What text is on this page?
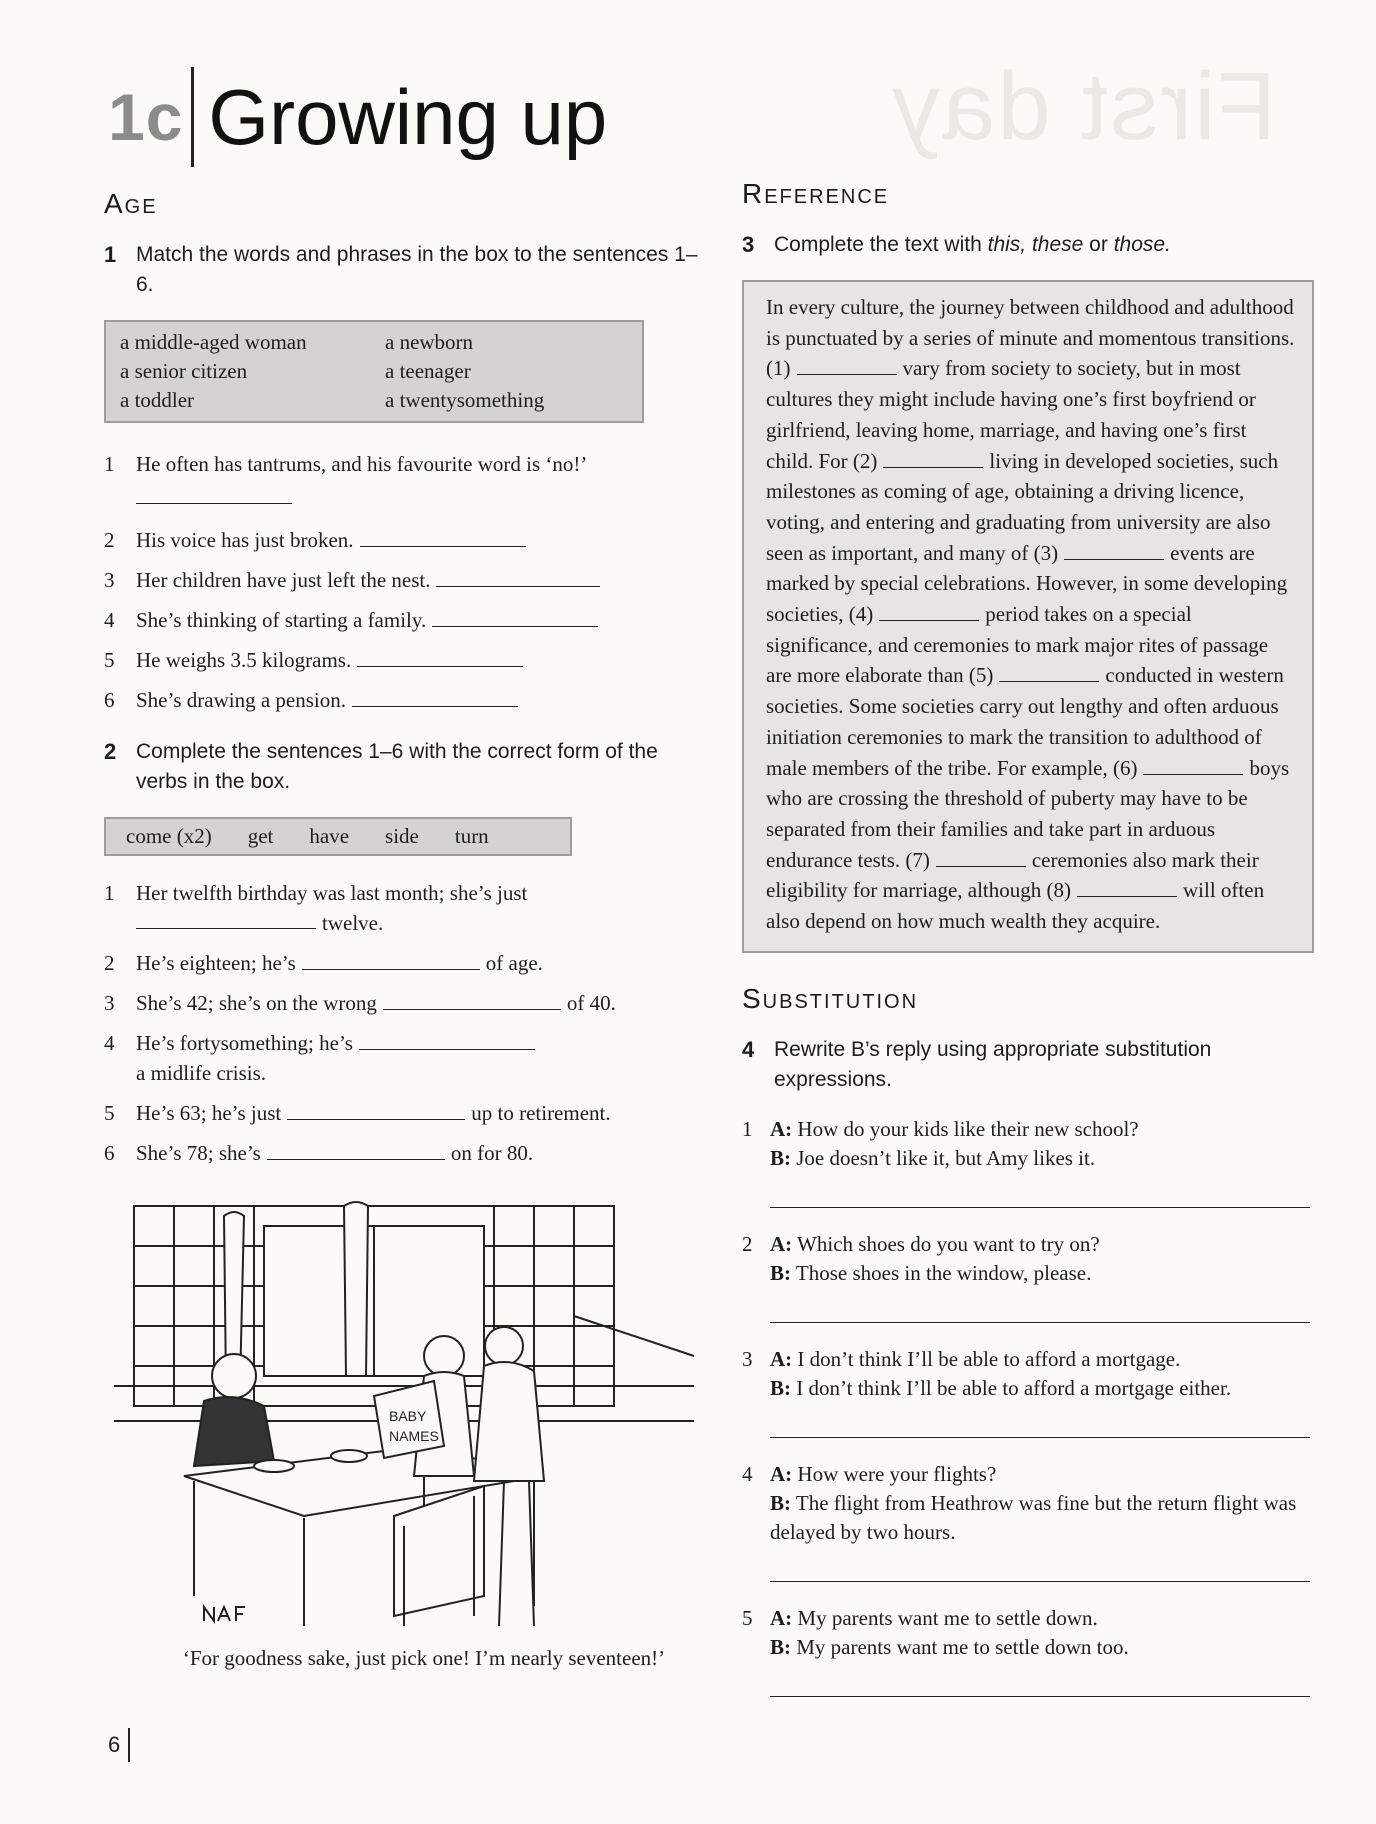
First day
1c Growing up
Age
1 Match the words and phrases in the box to the sentences 1–6.
a middle-aged woman	a newborn
a senior citizen	a teenager
a toddler	a twentysomething
1	He often has tantrums, and his favourite word is ‘no!’
2	His voice has just broken.
3	Her children have just left the nest.
4	She’s thinking of starting a family.
5	He weighs 3.5 kilograms.
6	She’s drawing a pension.
2 Complete the sentences 1–6 with the correct form of the verbs in the box.
come (x2) get have side turn
1	Her twelfth birthday was last month; she’s just
twelve.
2	He’s eighteen; he’s	of age.
3	She’s 42; she’s on the wrong	of 40.
4	He’s fortysomething; he’s
a midlife crisis.
5	He’s 63; he’s just	up to retirement.
6	She’s 78; she’s	on for 80.
BABY
NAMES
‘For goodness sake, just pick one! I’m nearly seventeen!’
Reference
3 Complete the text with this, these or those.
In every culture, the journey between childhood and adulthood is punctuated by a series of minute and momentous transitions. (1)	vary from society to society, but in most cultures they might include having one’s first boyfriend or girlfriend, leaving home, marriage, and having one’s first child. For (2)	living in developed societies, such milestones as coming of age, obtaining a driving licence, voting, and entering and graduating from university are also seen as important, and many of (3)	events are marked by special celebrations. However, in some developing societies, (4)	period takes on a special significance, and ceremonies to mark major rites of passage are more elaborate than (5)	conducted in western societies. Some societies carry out lengthy and often arduous initiation ceremonies to mark the transition to adulthood of male members of the tribe. For example, (6)	boys who are crossing the threshold of puberty may have to be separated from their families and take part in arduous endurance tests. (7)	ceremonies also mark their eligibility for marriage, although (8)	will often also depend on how much wealth they acquire.
Substitution
4 Rewrite B’s reply using appropriate substitution expressions.
1 A: How do your kids like their new school?
B: Joe doesn’t like it, but Amy likes it.
2 A: Which shoes do you want to try on?
B: Those shoes in the window, please.
3 A: I don’t think I’ll be able to afford a mortgage.
B: I don’t think I’ll be able to afford a mortgage either.
4 A: How were your flights?
B: The flight from Heathrow was fine but the return flight was delayed by two hours.
5 A: My parents want me to settle down.
B: My parents want me to settle down too.
6
